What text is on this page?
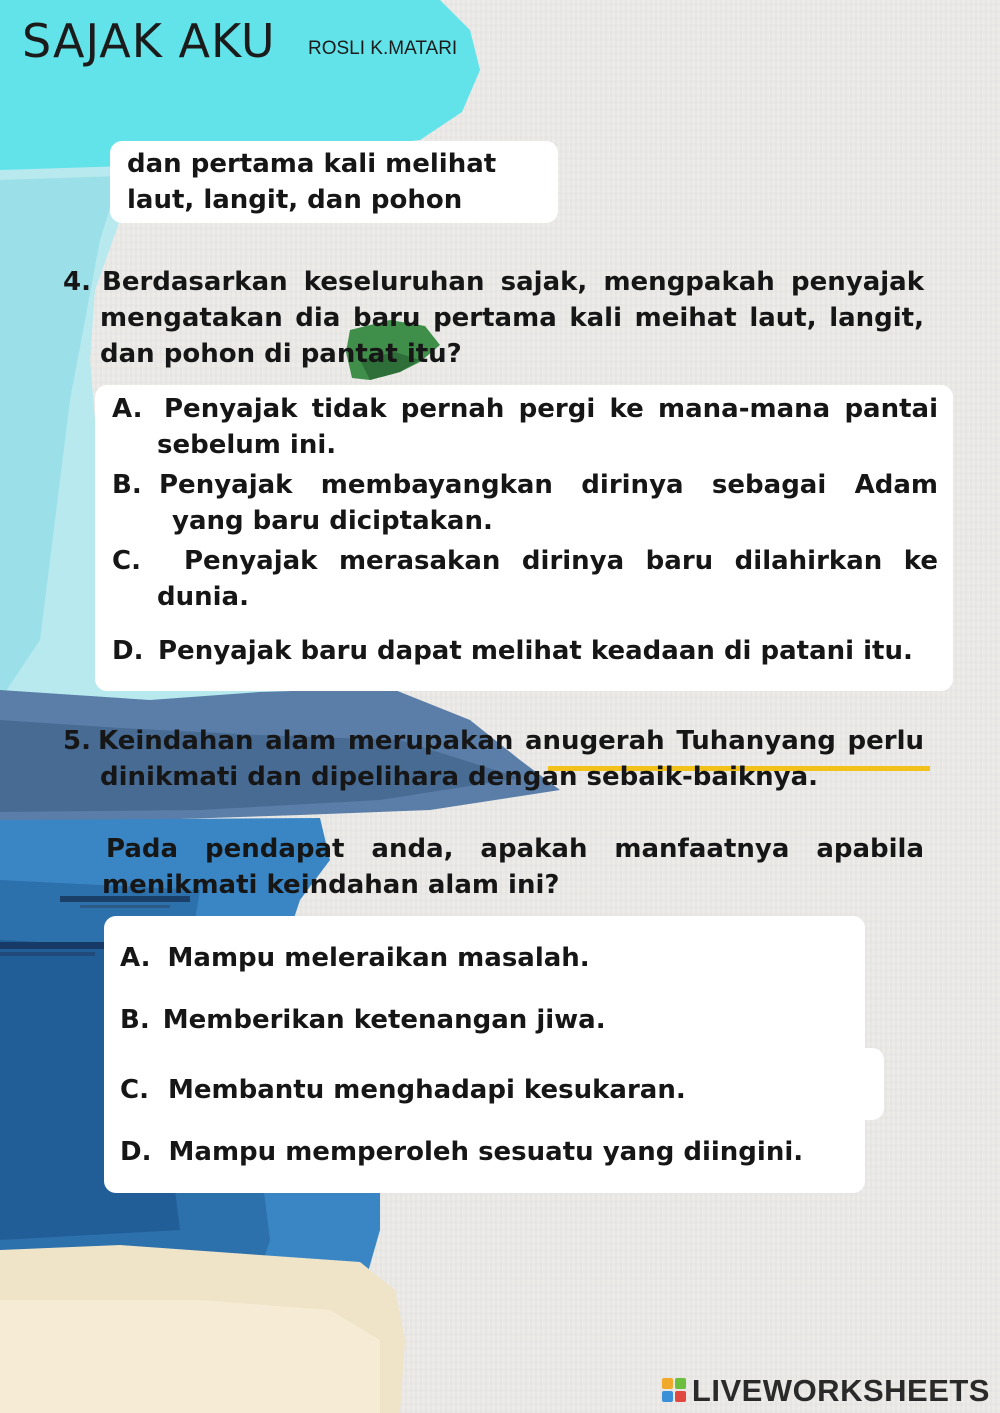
SAJAK AKU ROSLI K.MATARI
dan pertama kali melihat
laut, langit, dan pohon
4. Berdasarkan keseluruhan sajak, mengpakah penyajak
mengatakan dia baru pertama kali meihat laut, langit,
dan pohon di pantat itu?
A. Penyajak tidak pernah pergi ke mana-mana pantai
sebelum ini.
B. Penyajak membayangkan dirinya sebagai Adam
yang baru diciptakan.
C. Penyajak merasakan dirinya baru dilahirkan ke
dunia.
D. Penyajak baru dapat melihat keadaan di patani itu.
5. Keindahan alam merupakan anugerah Tuhanyang perlu
dinikmati dan dipelihara dengan sebaik-baiknya.
Pada pendapat anda, apakah manfaatnya apabila
menikmati keindahan alam ini?
A. Mampu meleraikan masalah.
B. Memberikan ketenangan jiwa.
C. Membantu menghadapi kesukaran.
D. Mampu memperoleh sesuatu yang diingini.
LIVEWORKSHEETS
